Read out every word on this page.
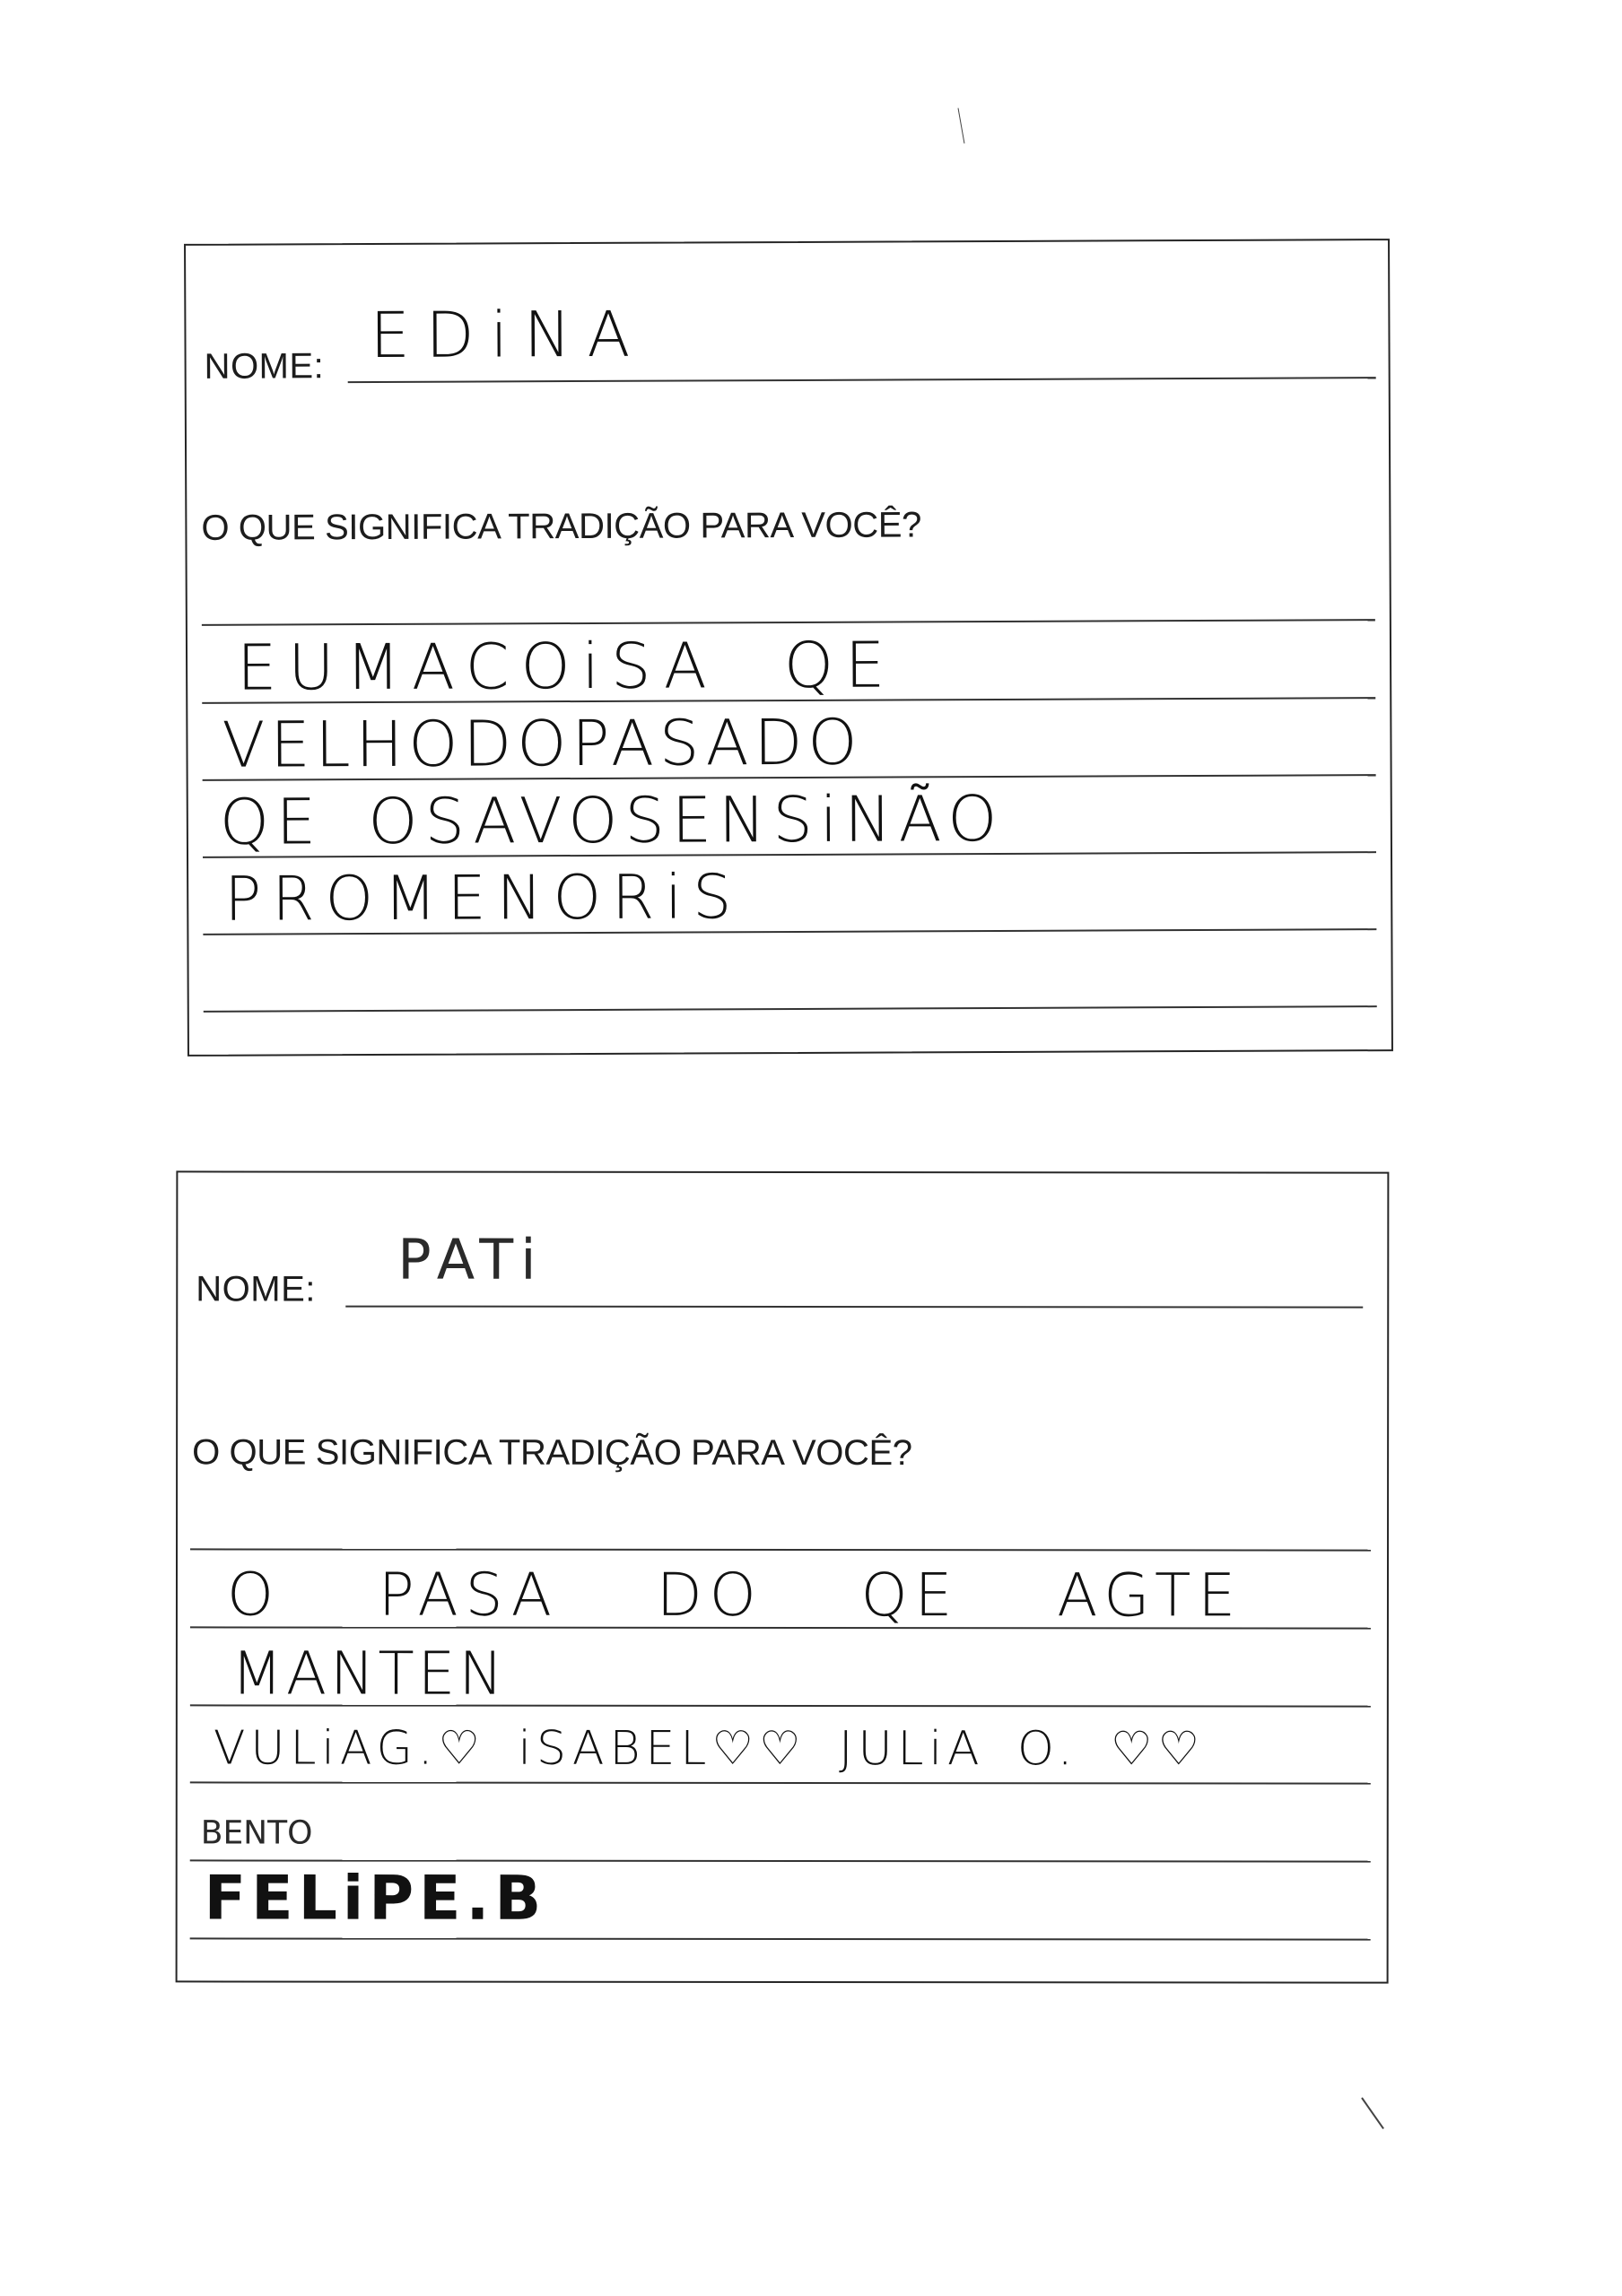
NOME: EDiNA
O QUE SIGNIFICA TRADIÇÃO PARA VOCÊ?
EUMACOiSA QE
VELHODOPASADO
QE OSAVOSENSiNÃO
PROMENORiS
NOME: PATi
O QUE SIGNIFICA TRADIÇÃO PARA VOCÊ?
O PASA DO QE AGTE
MANTEN
VULiAG.♡ iSABEL♡♡ JULiA O. ♡♡
BENTO
FELiPE.B
